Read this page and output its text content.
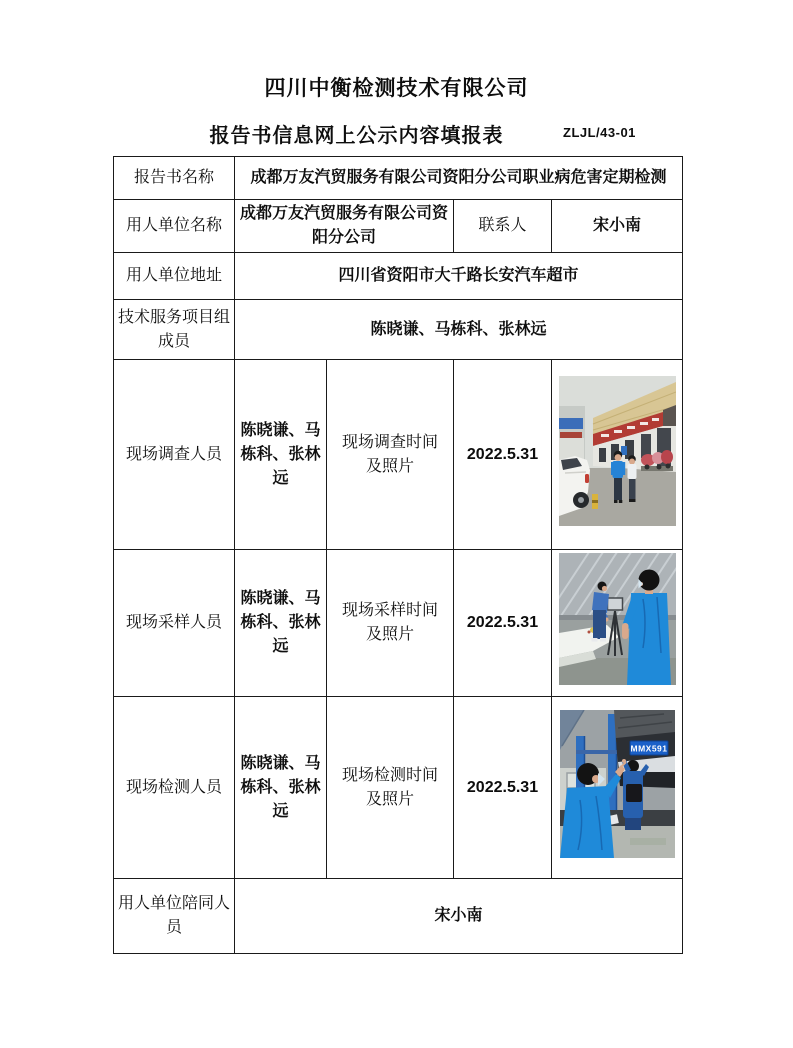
四川中衡检测技术有限公司
报告书信息网上公示内容填报表	ZLJL/43-01
报告书名称	成都万友汽贸服务有限公司资阳分公司职业病危害定期检测			
用人单位名称	成都万友汽贸服务有限公司资阳分公司		联系人	宋小南
用人单位地址	四川省资阳市大千路长安汽车超市			
技术服务项目组成员	陈晓谦、马栋科、张林远			
现场调查人员	陈晓谦、马栋科、张林远	现场调查时间及照片	2022.5.31	

现场采样人员	陈晓谦、马栋科、张林远	现场采样时间及照片	2022.5.31	

现场检测人员	陈晓谦、马栋科、张林远	现场检测时间及照片	2022.5.31	MMX591

用人单位陪同人员	宋小南			
